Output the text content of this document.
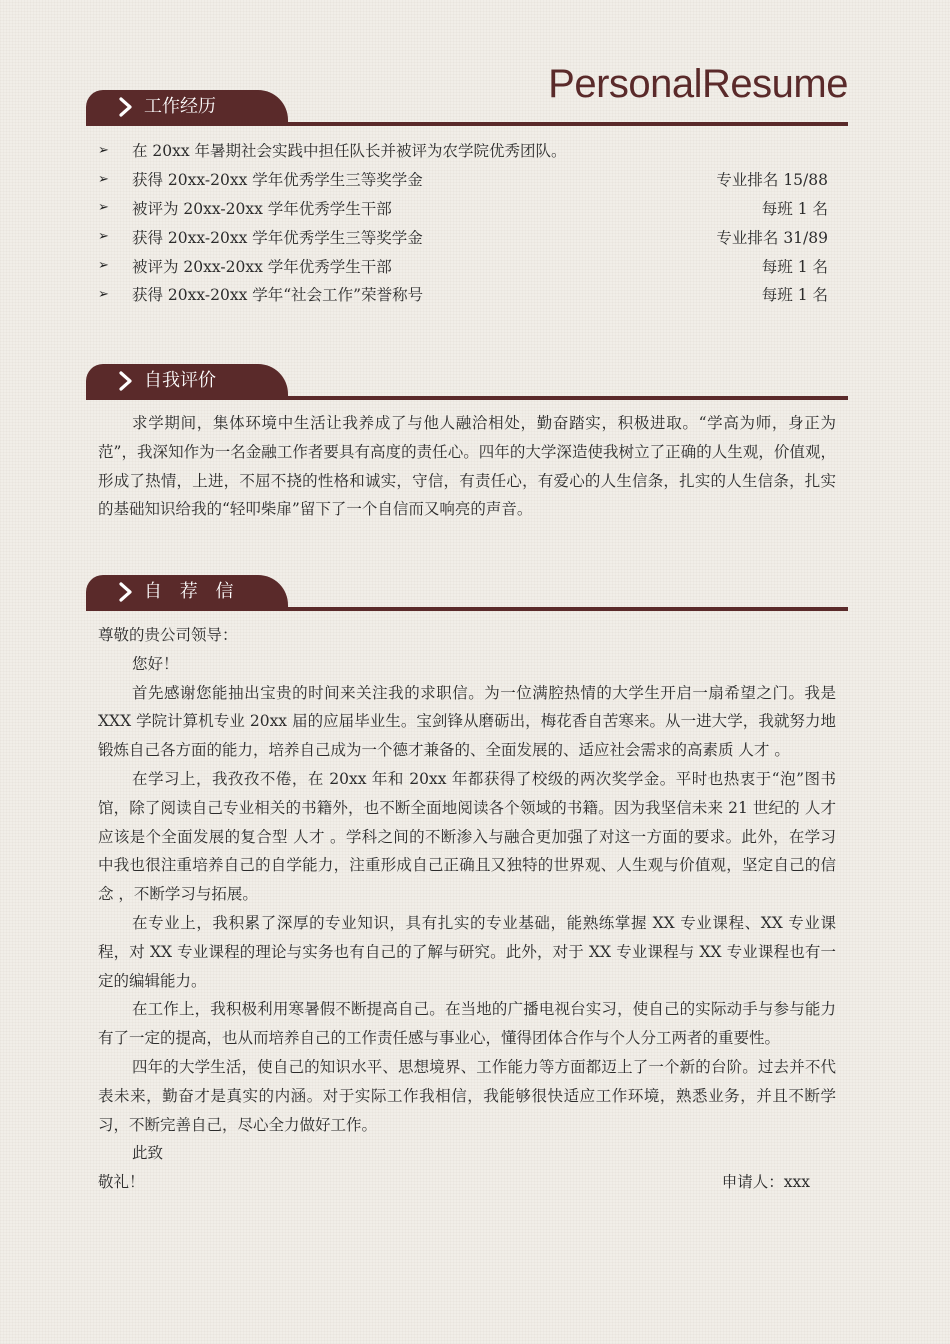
PersonalResume
工作经历
➢	在 20xx 年暑期社会实践中担任队长并被评为农学院优秀团队。
➢	获得 20xx-20xx 学年优秀学生三等奖学金	专业排名 15/88
➢	被评为 20xx-20xx 学年优秀学生干部	每班 1 名
➢	获得 20xx-20xx 学年优秀学生三等奖学金	专业排名 31/89
➢	被评为 20xx-20xx 学年优秀学生干部	每班 1 名
➢	获得 20xx-20xx 学年“社会工作”荣誉称号	每班 1 名
自我评价

求学期间，集体环境中生活让我养成了与他人融洽相处，勤奋踏实，积极进取。“学高为师，身正为范”，我深知作为一名金融工作者要具有高度的责任心。四年的大学深造使我树立了正确的人生观，价值观，形成了热情，上进，不屈不挠的性格和诚实，守信，有责任心，有爱心的人生信条，扎实的人生信条，扎实的基础知识给我的“轻叩柴扉”留下了一个自信而又响亮的声音。

自 荐 信

尊敬的贵公司领导：

您好！

首先感谢您能抽出宝贵的时间来关注我的求职信。为一位满腔热情的大学生开启一扇希望之门。我是 XXX 学院计算机专业 20xx 届的应届毕业生。宝剑锋从磨砺出，梅花香自苦寒来。从一进大学，我就努力地锻炼自己各方面的能力，培养自己成为一个德才兼备的、全面发展的、适应社会需求的高素质 人才 。

在学习上，我孜孜不倦，在 20xx 年和 20xx 年都获得了校级的两次奖学金。平时也热衷于“泡”图书馆，除了阅读自己专业相关的书籍外，也不断全面地阅读各个领域的书籍。因为我坚信未来 21 世纪的 人才 应该是个全面发展的复合型 人才 。学科之间的不断渗入与融合更加强了对这一方面的要求。此外，在学习中我也很注重培养自己的自学能力，注重形成自己正确且又独特的世界观、人生观与价值观，坚定自己的信念 ，不断学习与拓展。

在专业上，我积累了深厚的专业知识，具有扎实的专业基础，能熟练掌握 XX 专业课程、XX 专业课程，对 XX 专业课程的理论与实务也有自己的了解与研究。此外，对于 XX 专业课程与 XX 专业课程也有一定的编辑能力。

在工作上，我积极利用寒暑假不断提高自己。在当地的广播电视台实习，使自己的实际动手与参与能力有了一定的提高，也从而培养自己的工作责任感与事业心，懂得团体合作与个人分工两者的重要性。

四年的大学生活，使自己的知识水平、思想境界、工作能力等方面都迈上了一个新的台阶。过去并不代表未来，勤奋才是真实的内涵。对于实际工作我相信，我能够很快适应工作环境，熟悉业务，并且不断学习，不断完善自己，尽心全力做好工作。

此致

敬礼！	申请人：xxx
